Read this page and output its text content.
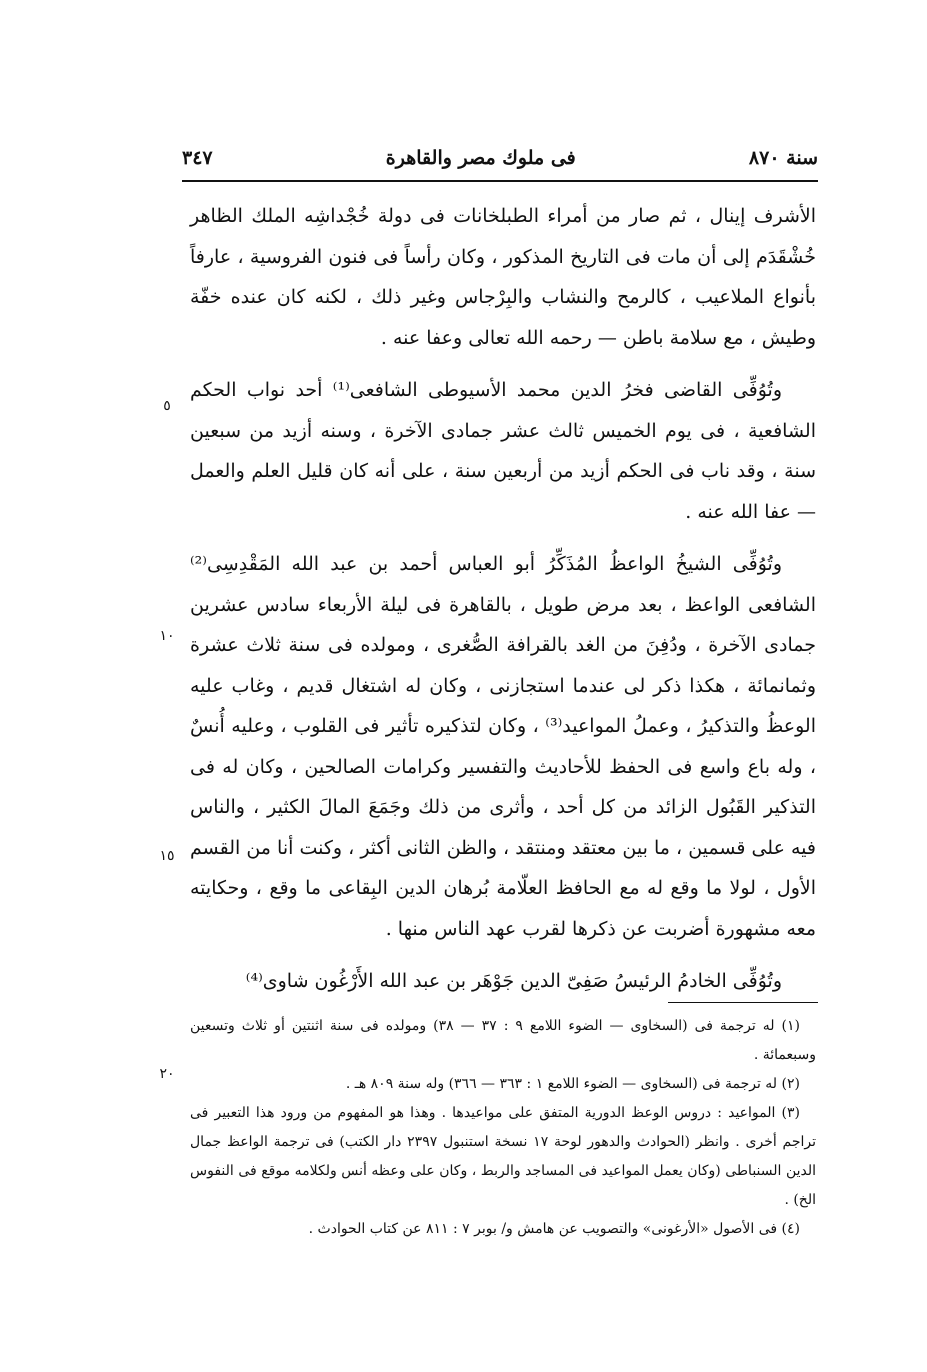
سنة ٨٧٠
فى ملوك مصر والقاهرة
٣٤٧

الأشرف إينال ، ثم صار من أمراء الطبلخانات فى دولة خُجْداشِه الملك الظاهر خُشْقَدَم إلى أن مات فى التاريخ المذكور ، وكان رأساً فى فنون الفروسية ، عارفاً بأنواع الملاعيب ، كالرمح والنشاب والبِرْجاس وغير ذلك ، لكنه كان عنده خفّة وطيش ، مع سلامة باطن — رحمه الله تعالى وعفا عنه .

وتُوُفِّى القاضى فخرُ الدين محمد الأسيوطى الشافعى⁽¹⁾ أحد نواب الحكم الشافعية ، فى يوم الخميس ثالث عشر جمادى الآخرة ، وسنه أزيد من سبعين سنة ، وقد ناب فى الحكم أزيد من أربعين سنة ، على أنه كان قليل العلم والعمل — عفا الله عنه .

وتُوُفِّى الشيخُ الواعظُ المُذَكِّرُ أبو العباس أحمد بن عبد الله المَقْدِسِى⁽²⁾ الشافعى الواعظ ، بعد مرض طويل ، بالقاهرة فى ليلة الأربعاء سادس عشرين جمادى الآخرة ، ودُفِنَ من الغد بالقرافة الصُّغرى ، ومولده فى سنة ثلاث عشرة وثمانمائة ، هكذا ذكر لى عندما استجازنى ، وكان له اشتغال قديم ، وغاب عليه الوعظُ والتذكيرُ ، وعملُ المواعيد⁽³⁾ ، وكان لتذكيره تأثير فى القلوب ، وعليه أُنسٌ ، وله باع واسع فى الحفظ للأحاديث والتفسير وكرامات الصالحين ، وكان له فى التذكير القَبُول الزائد من كل أحد ، وأثرى من ذلك وجَمَعَ المالَ الكثير ، والناس فيه على قسمين ، ما بين معتقد ومنتقد ، والظن الثانى أكثر ، وكنت أنا من القسم الأول ، لولا ما وقع له مع الحافظ العلّامة بُرهان الدين البِقاعى ما وقع ، وحكايته معه مشهورة أضربت عن ذكرها لقرب عهد الناس منها .

وتُوُفِّى الخادمُ الرئيسُ صَفِىّ الدين جَوْهَر بن عبد الله الأَرْغُون شاوى⁽⁴⁾

٥
١٠
١٥
٢٠

(١) له ترجمة فى (السخاوى — الضوء اللامع ٩ : ٣٧ — ٣٨) ومولده فى سنة اثنتين أو ثلاث وتسعين وسبعمائة .

(٢) له ترجمة فى (السخاوى — الضوء اللامع ١ : ٣٦٣ — ٣٦٦) وله سنة ٨٠٩ هـ .

(٣) المواعيد : دروس الوعظ الدورية المتفق على مواعيدها . وهذا هو المفهوم من ورود هذا التعبير فى تراجم أخرى . وانظر (الحوادث والدهور لوحة ١٧ نسخة استنبول ٢٣٩٧ دار الكتب) فى ترجمة الواعظ جمال الدين السنباطى (وكان يعمل المواعيد فى المساجد والربط ، وكان على وعظه أنس ولكلامه موقع فى النفوس الخ) .

(٤) فى الأصول «الأرغونى» والتصويب عن هامش و/ بوبر ٧ : ٨١١ عن كتاب الحوادث .
